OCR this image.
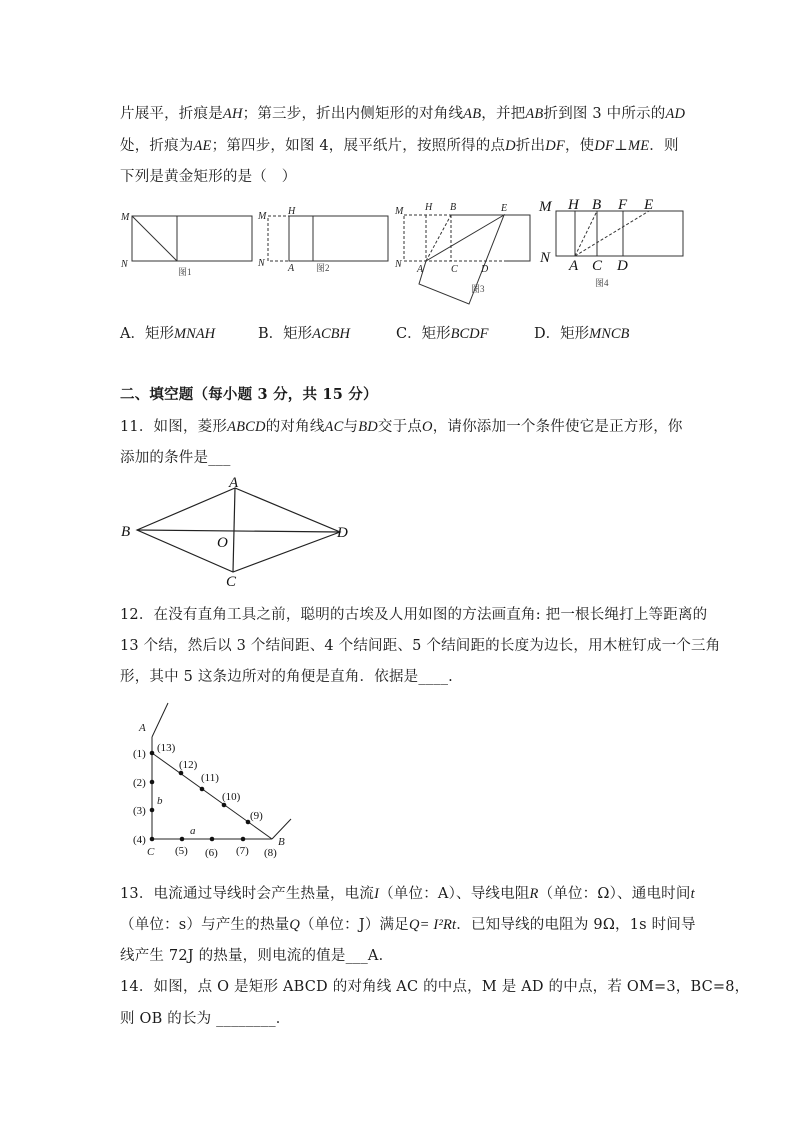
片展平，折痕是AH；第三步，折出内侧矩形的对角线AB，并把AB折到图 3 中所示的AD
处，折痕为AE；第四步，如图 4，展平纸片，按照所得的点D折出DF，使DF⊥ME．则
下列是黄金矩形的是（　）
M
N
图1
M H
N A 图2
M H B	E
N A	C D
图3
M H B F E
N A C D
图4
A．矩形MNAH	B．矩形ACBH	C．矩形BCDF	D．矩形MNCB
二、填空题（每小题 3 分，共 15 分）
11．如图，菱形ABCD的对角线AC与BD交于点O，请你添加一个条件使它是正方形，你
添加的条件是___
A
B
C
D
O
12．在没有直角工具之前，聪明的古埃及人用如图的方法画直角: 把一根长绳打上等距离的
13 个结，然后以 3 个结间距、4 个结间距、5 个结间距的长度为边长，用木桩钉成一个三角
形，其中 5 这条边所对的角便是直角．依据是____.
A
B
C
a
b
(1)
(2)
(3)
(4)
(13)
(12)
(11)
(10)
(9)
(5) (6) (7) (8)
13．电流通过导线时会产生热量，电流I（单位：A）、导线电阻R（单位：Ω）、通电时间t
（单位：s）与产生的热量Q（单位：J）满足Q= I²Rt．已知导线的电阻为 9Ω，1s 时间导
线产生 72J 的热量，则电流的值是___A．
14．如图，点 O 是矩形 ABCD 的对角线 AC 的中点，M 是 AD 的中点，若 OM=3，BC=8，
则 OB 的长为 ________．
